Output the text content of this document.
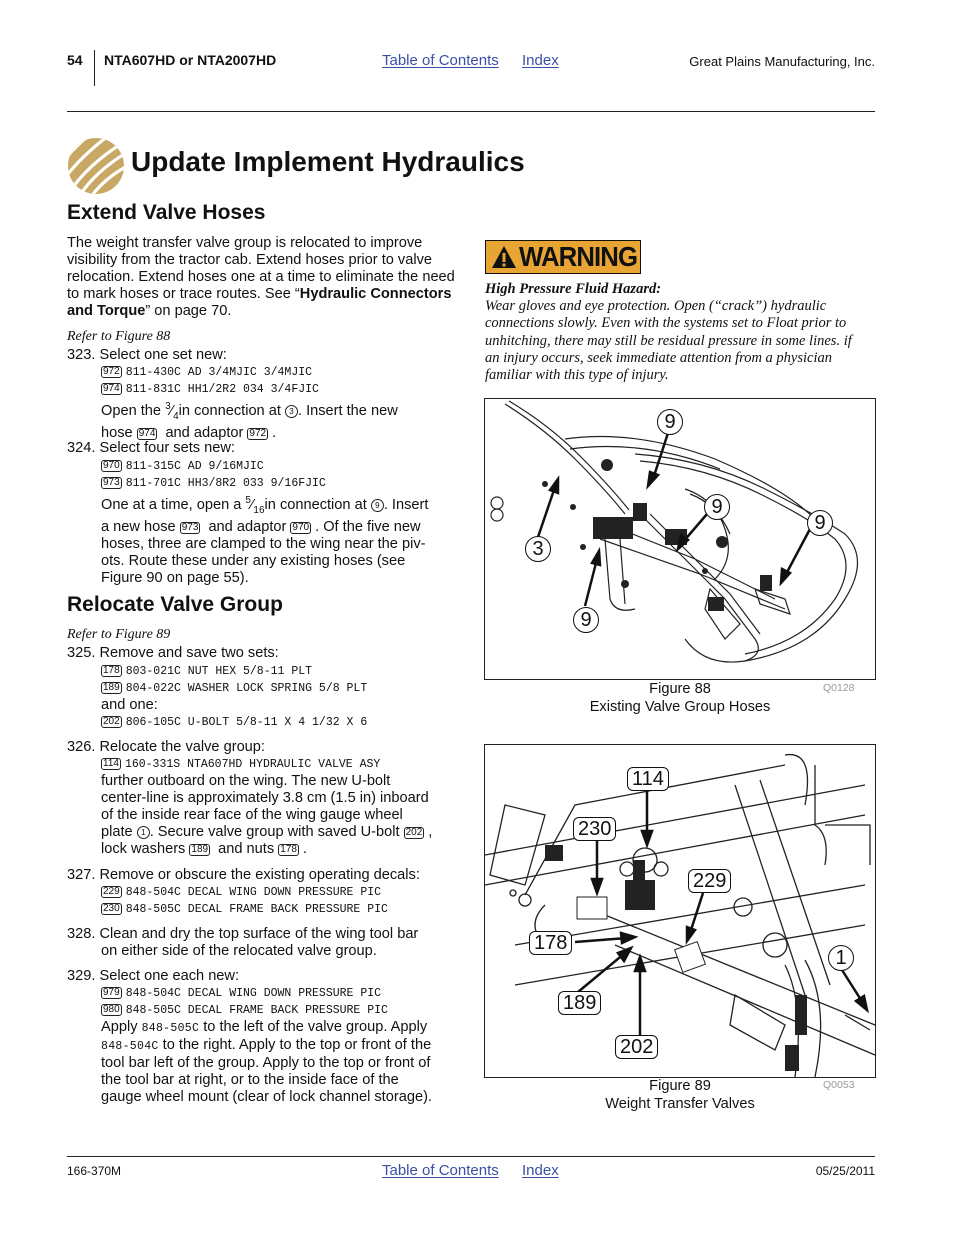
54 NTA607HD or NTA2007HD	Table of Contents Index	Great Plains Manufacturing, Inc.
Update Implement Hydraulics
Extend Valve Hoses
The weight transfer valve group is relocated to improve visibility from the tractor cab. Extend hoses prior to valve relocation. Extend hoses one at a time to eliminate the need to mark hoses or trace routes. See “Hydraulic Connectors and Torque” on page 70.
Refer to Figure 88
323. Select one set new:
972 811-430C AD 3/4MJIC 3/4MJIC
974 811-831C HH1/2R2 034 3/4FJIC
Open the $^3⁄_4in$ connection at 3 . Insert the new
hose 974 and adaptor 972 .
324. Select four sets new:
970 811-315C AD 9/16MJIC
973 811-701C HH3/8R2 033 9/16FJIC
One at a time, open a $^5⁄_{16}in$ connection at 9 . Insert
a new hose 973 and adaptor 970 . Of the five new
hoses, three are clamped to the wing near the piv-
ots. Route these under any existing hoses (see
Figure 90 on page 55).
Relocate Valve Group
Refer to Figure 89
325. Remove and save two sets:
178 803-021C NUT HEX 5/8-11 PLT
189 804-022C WASHER LOCK SPRING 5/8 PLT
and one:
202 806-105C U-BOLT 5/8-11 X 4 1/32 X 6
326. Relocate the valve group:
114 160-331S NTA607HD HYDRAULIC VALVE ASY
further outboard on the wing. The new U-bolt
center-line is approximately 3.8 cm (1.5 in) inboard
of the inside rear face of the wing gauge wheel
plate 1 . Secure valve group with saved U-bolt 202 ,
lock washers 189 and nuts 178 .
327. Remove or obscure the existing operating decals:
229 848-504C DECAL WING DOWN PRESSURE PIC
230 848-505C DECAL FRAME BACK PRESSURE PIC
328. Clean and dry the top surface of the wing tool bar
on either side of the relocated valve group.
329. Select one each new:
979 848-504C DECAL WING DOWN PRESSURE PIC
980 848-505C DECAL FRAME BACK PRESSURE PIC
Apply 848-505C to the left of the valve group. Apply
848-504C to the right. Apply to the top or front of the
tool bar left of the group. Apply to the top or front of
the tool bar at right, or to the inside face of the
gauge wheel mount (clear of lock channel storage).
WARNING
High Pressure Fluid Hazard:
Wear gloves and eye protection. Open (“crack”) hydraulic
connections slowly. Even with the systems set to Float prior to
unhitching, there may still be residual pressure in some lines. if
an injury occurs, seek immediate attention from a physician
familiar with this type of injury.
9
9
9
3
9
Figure 88
Existing Valve Group Hoses
Q0128
114
230
229
178
1
189
202
Figure 89
Weight Transfer Valves
Q0053
166-370M	Table of Contents Index	05/25/2011
